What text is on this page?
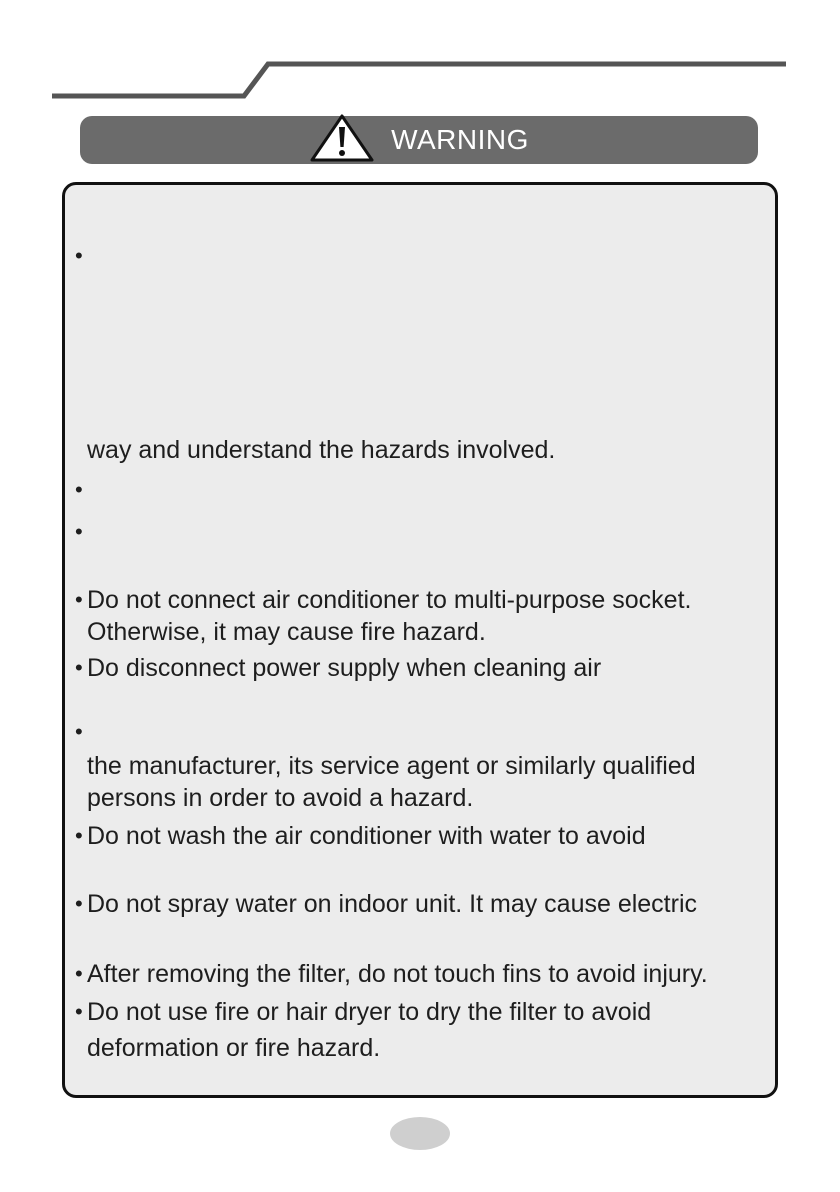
WARNING
•
•
•
•
way and understand the hazards involved.
• Do not connect air conditioner to multi-purpose socket.
Otherwise, it may cause fire hazard.
• Do disconnect power supply when cleaning air
the manufacturer, its service agent or similarly qualified
persons in order to avoid a hazard.
• Do not wash the air conditioner with water to avoid
• Do not spray water on indoor unit. It may cause electric
• After removing the filter, do not touch fins to avoid injury.
• Do not use fire or hair dryer to dry the filter to avoid
deformation or fire hazard.
